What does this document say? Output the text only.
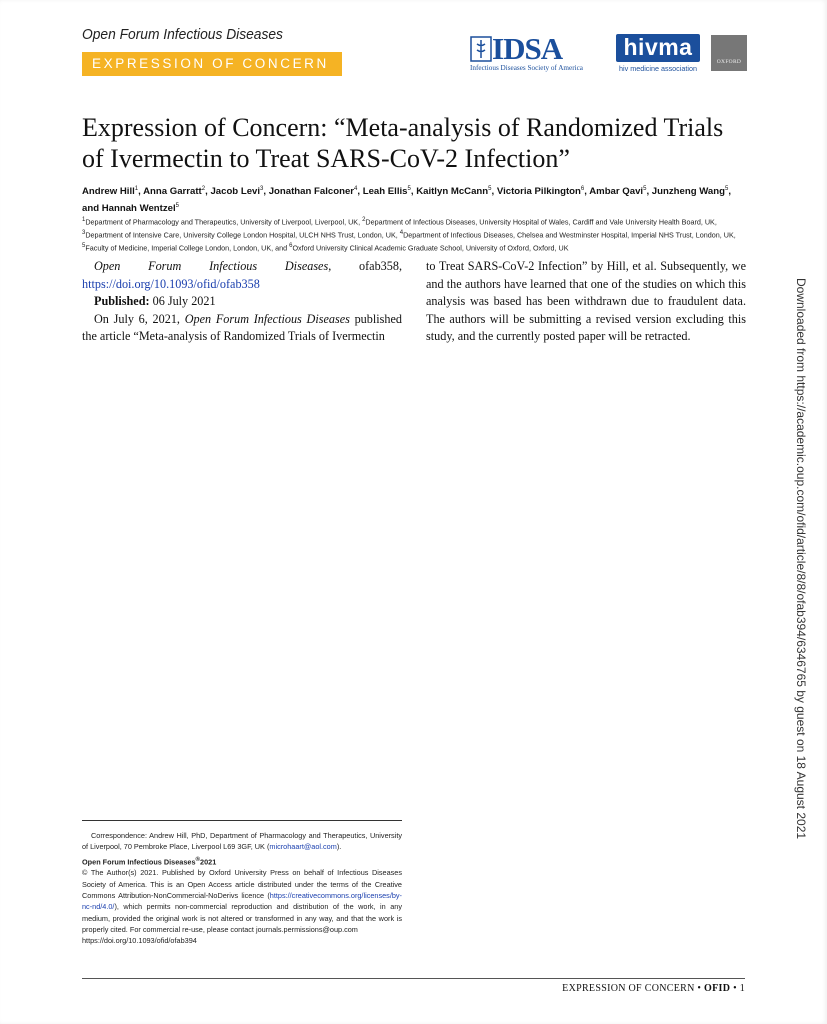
Open Forum Infectious Diseases
EXPRESSION OF CONCERN	IDSA
Infectious Diseases Society of America
hivma
hiv medicine association
OXFORD
Expression of Concern: “Meta-analysis of Randomized Trials of Ivermectin to Treat SARS-CoV-2 Infection”
Andrew Hill$^1$, Anna Garratt$^2$, Jacob Levi$^3$, Jonathan Falconer$^4$, Leah Ellis$^5$, Kaitlyn McCann$^5$, Victoria Pilkington$^6$, Ambar Qavi$^5$, Junzheng Wang$^5$, and Hannah Wentzel$^5$
$^1$Department of Pharmacology and Therapeutics, University of Liverpool, Liverpool, UK, $^2$Department of Infectious Diseases, University Hospital of Wales, Cardiff and Vale University Health Board, UK, $^3$Department of Intensive Care, University College London Hospital, ULCH NHS Trust, London, UK, $^4$Department of Infectious Diseases, Chelsea and Westminster Hospital, Imperial NHS Trust, London, UK, $^5$Faculty of Medicine, Imperial College London, London, UK, and $^6$Oxford University Clinical Academic Graduate School, University of Oxford, Oxford, UK

Open Forum Infectious Diseases, ofab358, https://doi.org/10.1093/ofid/ofab358

Published: 06 July 2021

On July 6, 2021, Open Forum Infectious Diseases published the article “Meta-analysis of Randomized Trials of Ivermectin

to Treat SARS-CoV-2 Infection” by Hill, et al. Subsequently, we and the authors have learned that one of the studies on which this analysis was based has been withdrawn due to fraudulent data. The authors will be submitting a revised version excluding this study, and the currently posted paper will be retracted.

Correspondence: Andrew Hill, PhD, Department of Pharmacology and Therapeutics, University of Liverpool, 70 Pembroke Place, Liverpool L69 3GF, UK (microhaart@aol.com).

Open Forum Infectious Diseases®2021

© The Author(s) 2021. Published by Oxford University Press on behalf of Infectious Diseases Society of America. This is an Open Access article distributed under the terms of the Creative Commons Attribution-NonCommercial-NoDerivs licence (https://creativecommons.org/licenses/by-nc-nd/4.0/), which permits non-commercial reproduction and distribution of the work, in any medium, provided the original work is not altered or transformed in any way, and that the work is properly cited. For commercial re-use, please contact journals.permissions@oup.com

https://doi.org/10.1093/ofid/ofab394

EXPRESSION OF CONCERN • OFID • 1
Downloaded from https://academic.oup.com/ofid/article/8/8/ofab394/6346765 by guest on 18 August 2021
